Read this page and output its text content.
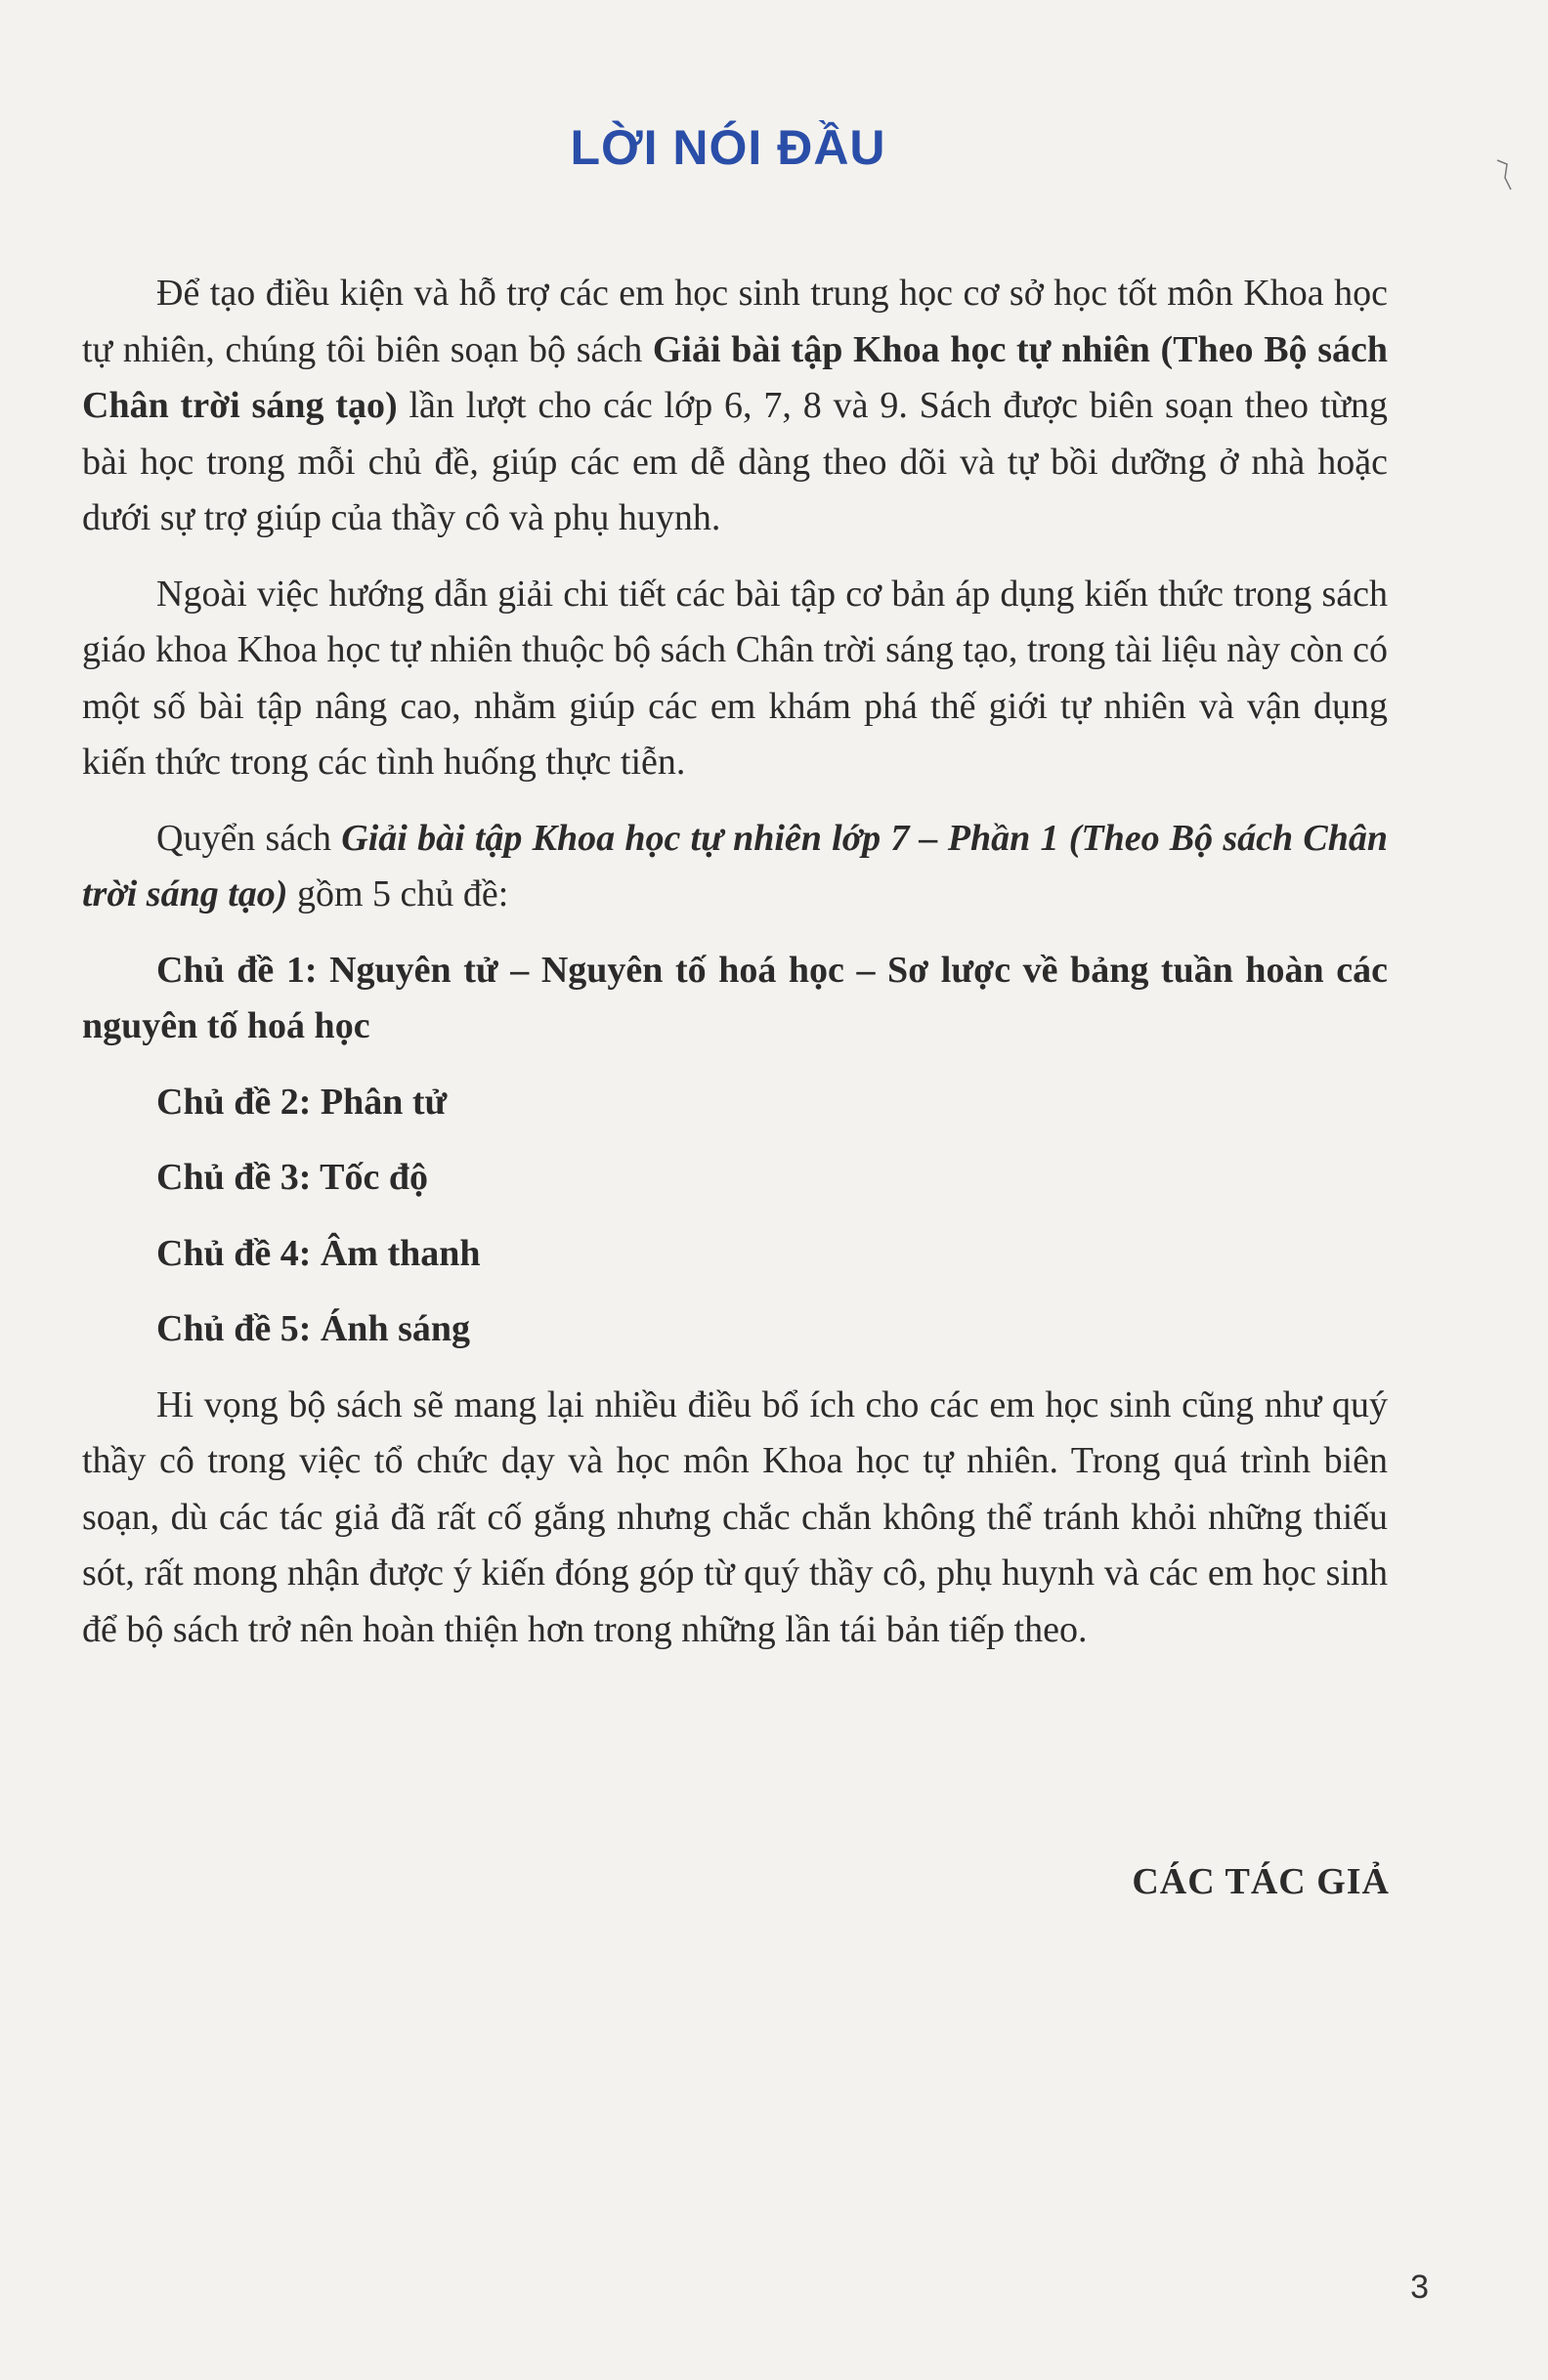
LỜI NÓI ĐẦU

Để tạo điều kiện và hỗ trợ các em học sinh trung học cơ sở học tốt môn Khoa học tự nhiên, chúng tôi biên soạn bộ sách Giải bài tập Khoa học tự nhiên (Theo Bộ sách Chân trời sáng tạo) lần lượt cho các lớp 6, 7, 8 và 9. Sách được biên soạn theo từng bài học trong mỗi chủ đề, giúp các em dễ dàng theo dõi và tự bồi dưỡng ở nhà hoặc dưới sự trợ giúp của thầy cô và phụ huynh.

Ngoài việc hướng dẫn giải chi tiết các bài tập cơ bản áp dụng kiến thức trong sách giáo khoa Khoa học tự nhiên thuộc bộ sách Chân trời sáng tạo, trong tài liệu này còn có một số bài tập nâng cao, nhằm giúp các em khám phá thế giới tự nhiên và vận dụng kiến thức trong các tình huống thực tiễn.

Quyển sách Giải bài tập Khoa học tự nhiên lớp 7 – Phần 1 (Theo Bộ sách Chân trời sáng tạo) gồm 5 chủ đề:

Chủ đề 1: Nguyên tử – Nguyên tố hoá học – Sơ lược về bảng tuần hoàn các nguyên tố hoá học
Chủ đề 2: Phân tử
Chủ đề 3: Tốc độ
Chủ đề 4: Âm thanh
Chủ đề 5: Ánh sáng

Hi vọng bộ sách sẽ mang lại nhiều điều bổ ích cho các em học sinh cũng như quý thầy cô trong việc tổ chức dạy và học môn Khoa học tự nhiên. Trong quá trình biên soạn, dù các tác giả đã rất cố gắng nhưng chắc chắn không thể tránh khỏi những thiếu sót, rất mong nhận được ý kiến đóng góp từ quý thầy cô, phụ huynh và các em học sinh để bộ sách trở nên hoàn thiện hơn trong những lần tái bản tiếp theo.

CÁC TÁC GIẢ
3
